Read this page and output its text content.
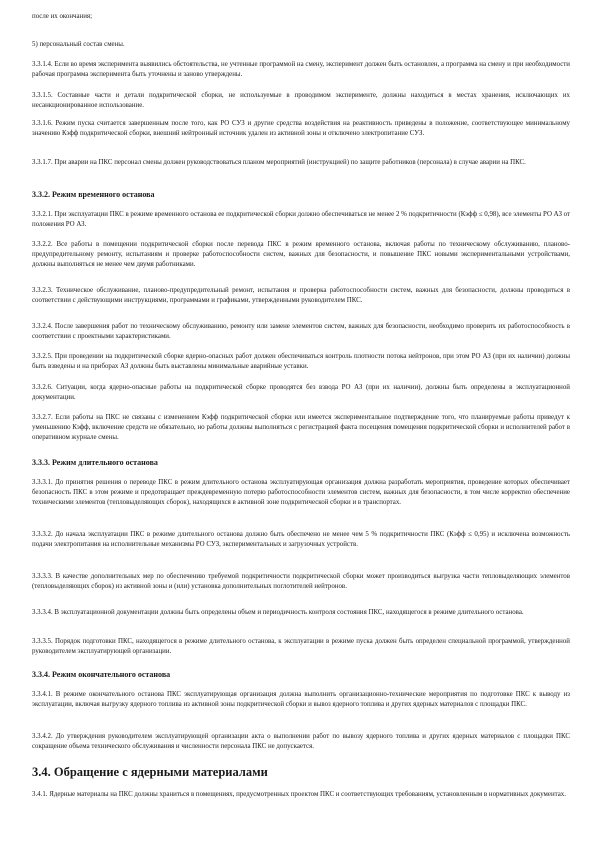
после их окончания;

5) персональный состав смены.

3.3.1.4. Если во время эксперимента выявились обстоятельства, не учтенные программой на смену, эксперимент должен быть остановлен, а программа на смену и при необходимости рабочая программа эксперимента быть уточнены и заново утверждены.

3.3.1.5. Составные части и детали подкритической сборки, не используемые в проводимом эксперименте, должны находиться в местах хранения, исключающих их несанкционированное использование.

3.3.1.6. Режим пуска считается завершенным после того, как РО СУЗ и другие средства воздействия на реактивность приведены в положение, соответствующее минимальному значению Кэфф подкритической сборки, внешний нейтронный источник удален из активной зоны и отключено электропитание СУЗ.

3.3.1.7. При аварии на ПКС персонал смены должен руководствоваться планом мероприятий (инструкцией) по защите работников (персонала) в случае аварии на ПКС.

3.3.2. Режим временного останова

3.3.2.1. При эксплуатации ПКС в режиме временного останова ее подкритической сборки должно обеспечиваться не менее 2 % подкритичности (Кэфф ≤ 0,98), все элементы РО АЗ от положения РО АЗ.

3.3.2.2. Все работы в помещении подкритической сборки после перевода ПКС в режим временного останова, включая работы по техническому обслуживанию, планово-предупредительному ремонту, испытаниям и проверке работоспособности систем, важных для безопасности, и повышение ПКС новыми экспериментальными устройствами, должны выполняться не менее чем двумя работниками.

3.3.2.3. Техническое обслуживание, планово-предупредительный ремонт, испытания и проверка работоспособности систем, важных для безопасности, должны проводиться в соответствии с действующими инструкциями, программами и графиками, утвержденными руководителем ПКС.

3.3.2.4. После завершения работ по техническому обслуживанию, ремонту или замене элементов систем, важных для безопасности, необходимо проверить их работоспособность в соответствии с проектными характеристиками.

3.3.2.5. При проведении на подкритической сборке ядерно-опасных работ должен обеспечиваться контроль плотности потока нейтронов, при этом РО АЗ (при их наличии) должны быть взведены и на приборах АЗ должны быть выставлены минимальные аварийные уставки.

3.3.2.6. Ситуации, когда ядерно-опасные работы на подкритической сборке проводятся без взвода РО АЗ (при их наличии), должны быть определены в эксплуатационной документации.

3.3.2.7. Если работы на ПКС не связаны с изменением Кэфф подкритической сборки или имеется экспериментальное подтверждение того, что планируемые работы приведут к уменьшению Кэфф, включение средств не обязательно, но работы должны выполняться с регистрацией факта посещения помещения подкритической сборки и исполнителей работ в оперативном журнале смены.

3.3.3. Режим длительного останова

3.3.3.1. До принятия решения о переводе ПКС в режим длительного останова эксплуатирующая организация должна разработать мероприятия, проведение которых обеспечивает безопасность ПКС в этом режиме и предотвращает преждевременную потерю работоспособности элементов систем, важных для безопасности, в том числе корректно обеспечение техническими элементов (тепловыделяющих сборок), находящихся в активной зоне подкритической сборки и в транспортах.

3.3.3.2. До начала эксплуатации ПКС в режиме длительного останова должно быть обеспечено не менее чем 5 % подкритичности ПКС (Кэфф ≤ 0,95) и исключена возможность подачи электропитания на исполнительные механизмы РО СУЗ, экспериментальных и загрузочных устройств.

3.3.3.3. В качестве дополнительных мер по обеспечению требуемой подкритичности подкритической сборки может производиться выгрузка части тепловыделяющих элементов (тепловыделяющих сборок) из активной зоны и (или) установка дополнительных поглотителей нейтронов.

3.3.3.4. В эксплуатационной документации должны быть определены объем и периодичность контроля состояния ПКС, находящегося в режиме длительного останова.

3.3.3.5. Порядок подготовки ПКС, находящегося в режиме длительного останова, к эксплуатации в режиме пуска должен быть определен специальной программой, утвержденной руководителем эксплуатирующей организации.

3.3.4. Режим окончательного останова

3.3.4.1. В режиме окончательного останова ПКС эксплуатирующая организация должна выполнить организационно-технические мероприятия по подготовке ПКС к выводу из эксплуатации, включая выгрузку ядерного топлива из активной зоны подкритической сборки и вывоз ядерного топлива и других ядерных материалов с площадки ПКС.

3.3.4.2. До утверждения руководителем эксплуатирующей организации акта о выполнении работ по вывозу ядерного топлива и других ядерных материалов с площадки ПКС сокращение объема технического обслуживания и численности персонала ПКС не допускается.

3.4. Обращение с ядерными материалами

3.4.1. Ядерные материалы на ПКС должны храниться в помещениях, предусмотренных проектом ПКС и соответствующих требованиям, установленным в нормативных документах.
